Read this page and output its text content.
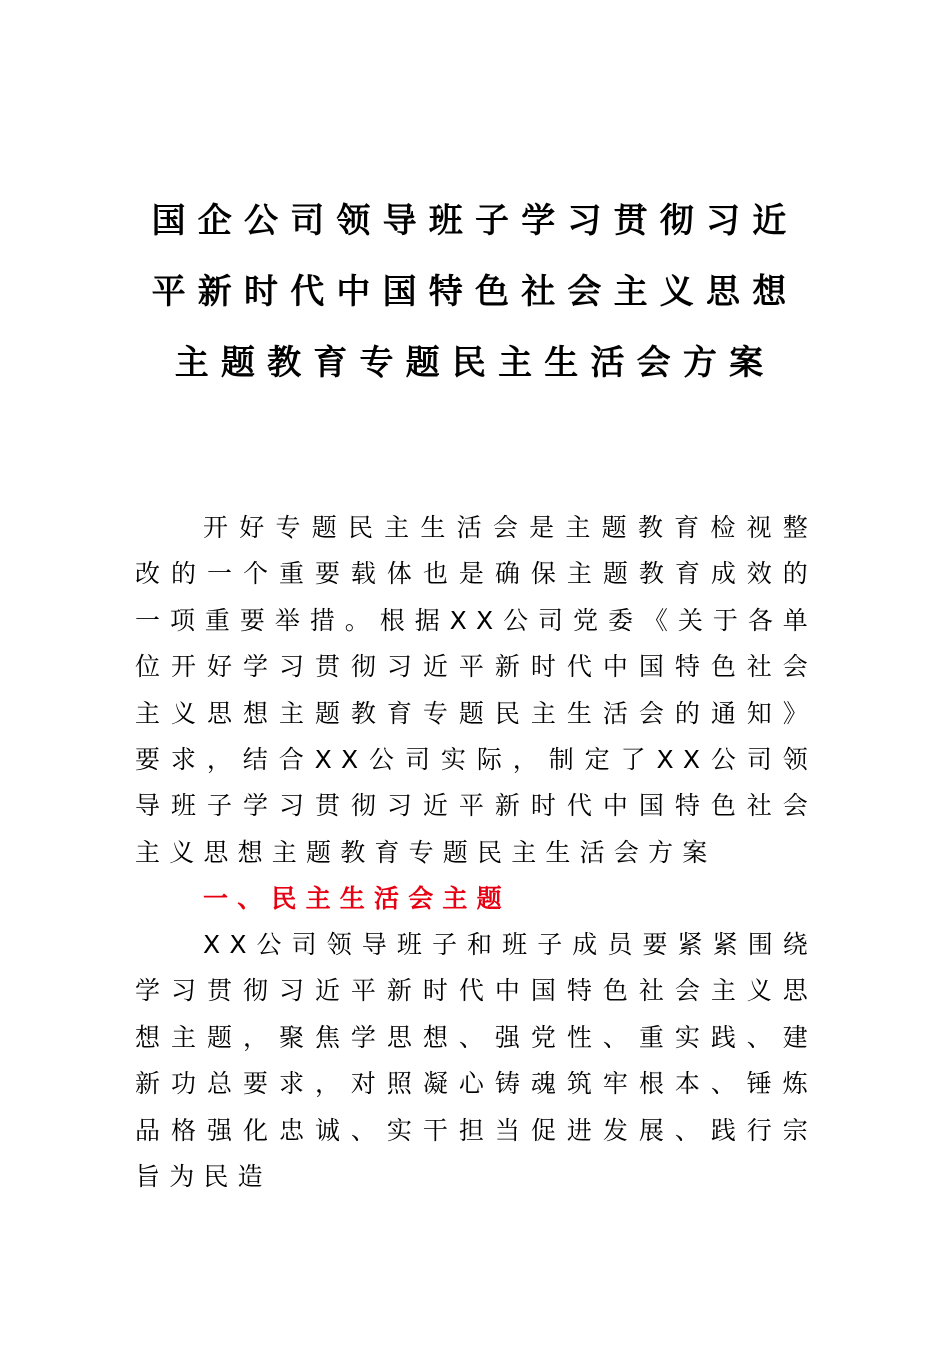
国企公司领导班子学习贯彻习近平新时代中国特色社会主义思想主题教育专题民主生活会方案

开好专题民主生活会是主题教育检视整改的一个重要载体也是确保主题教育成效的一项重要举措。根据XX公司党委《关于各单位开好学习贯彻习近平新时代中国特色社会主义思想主题教育专题民主生活会的通知》要求，结合XX公司实际，制定了XX公司领导班子学习贯彻习近平新时代中国特色社会主义思想主题教育专题民主生活会方案

一、民主生活会主题

XX公司领导班子和班子成员要紧紧围绕学习贯彻习近平新时代中国特色社会主义思想主题，聚焦学思想、强党性、重实践、建新功总要求，对照凝心铸魂筑牢根本、锤炼品格强化忠诚、实干担当促进发展、践行宗旨为民造
